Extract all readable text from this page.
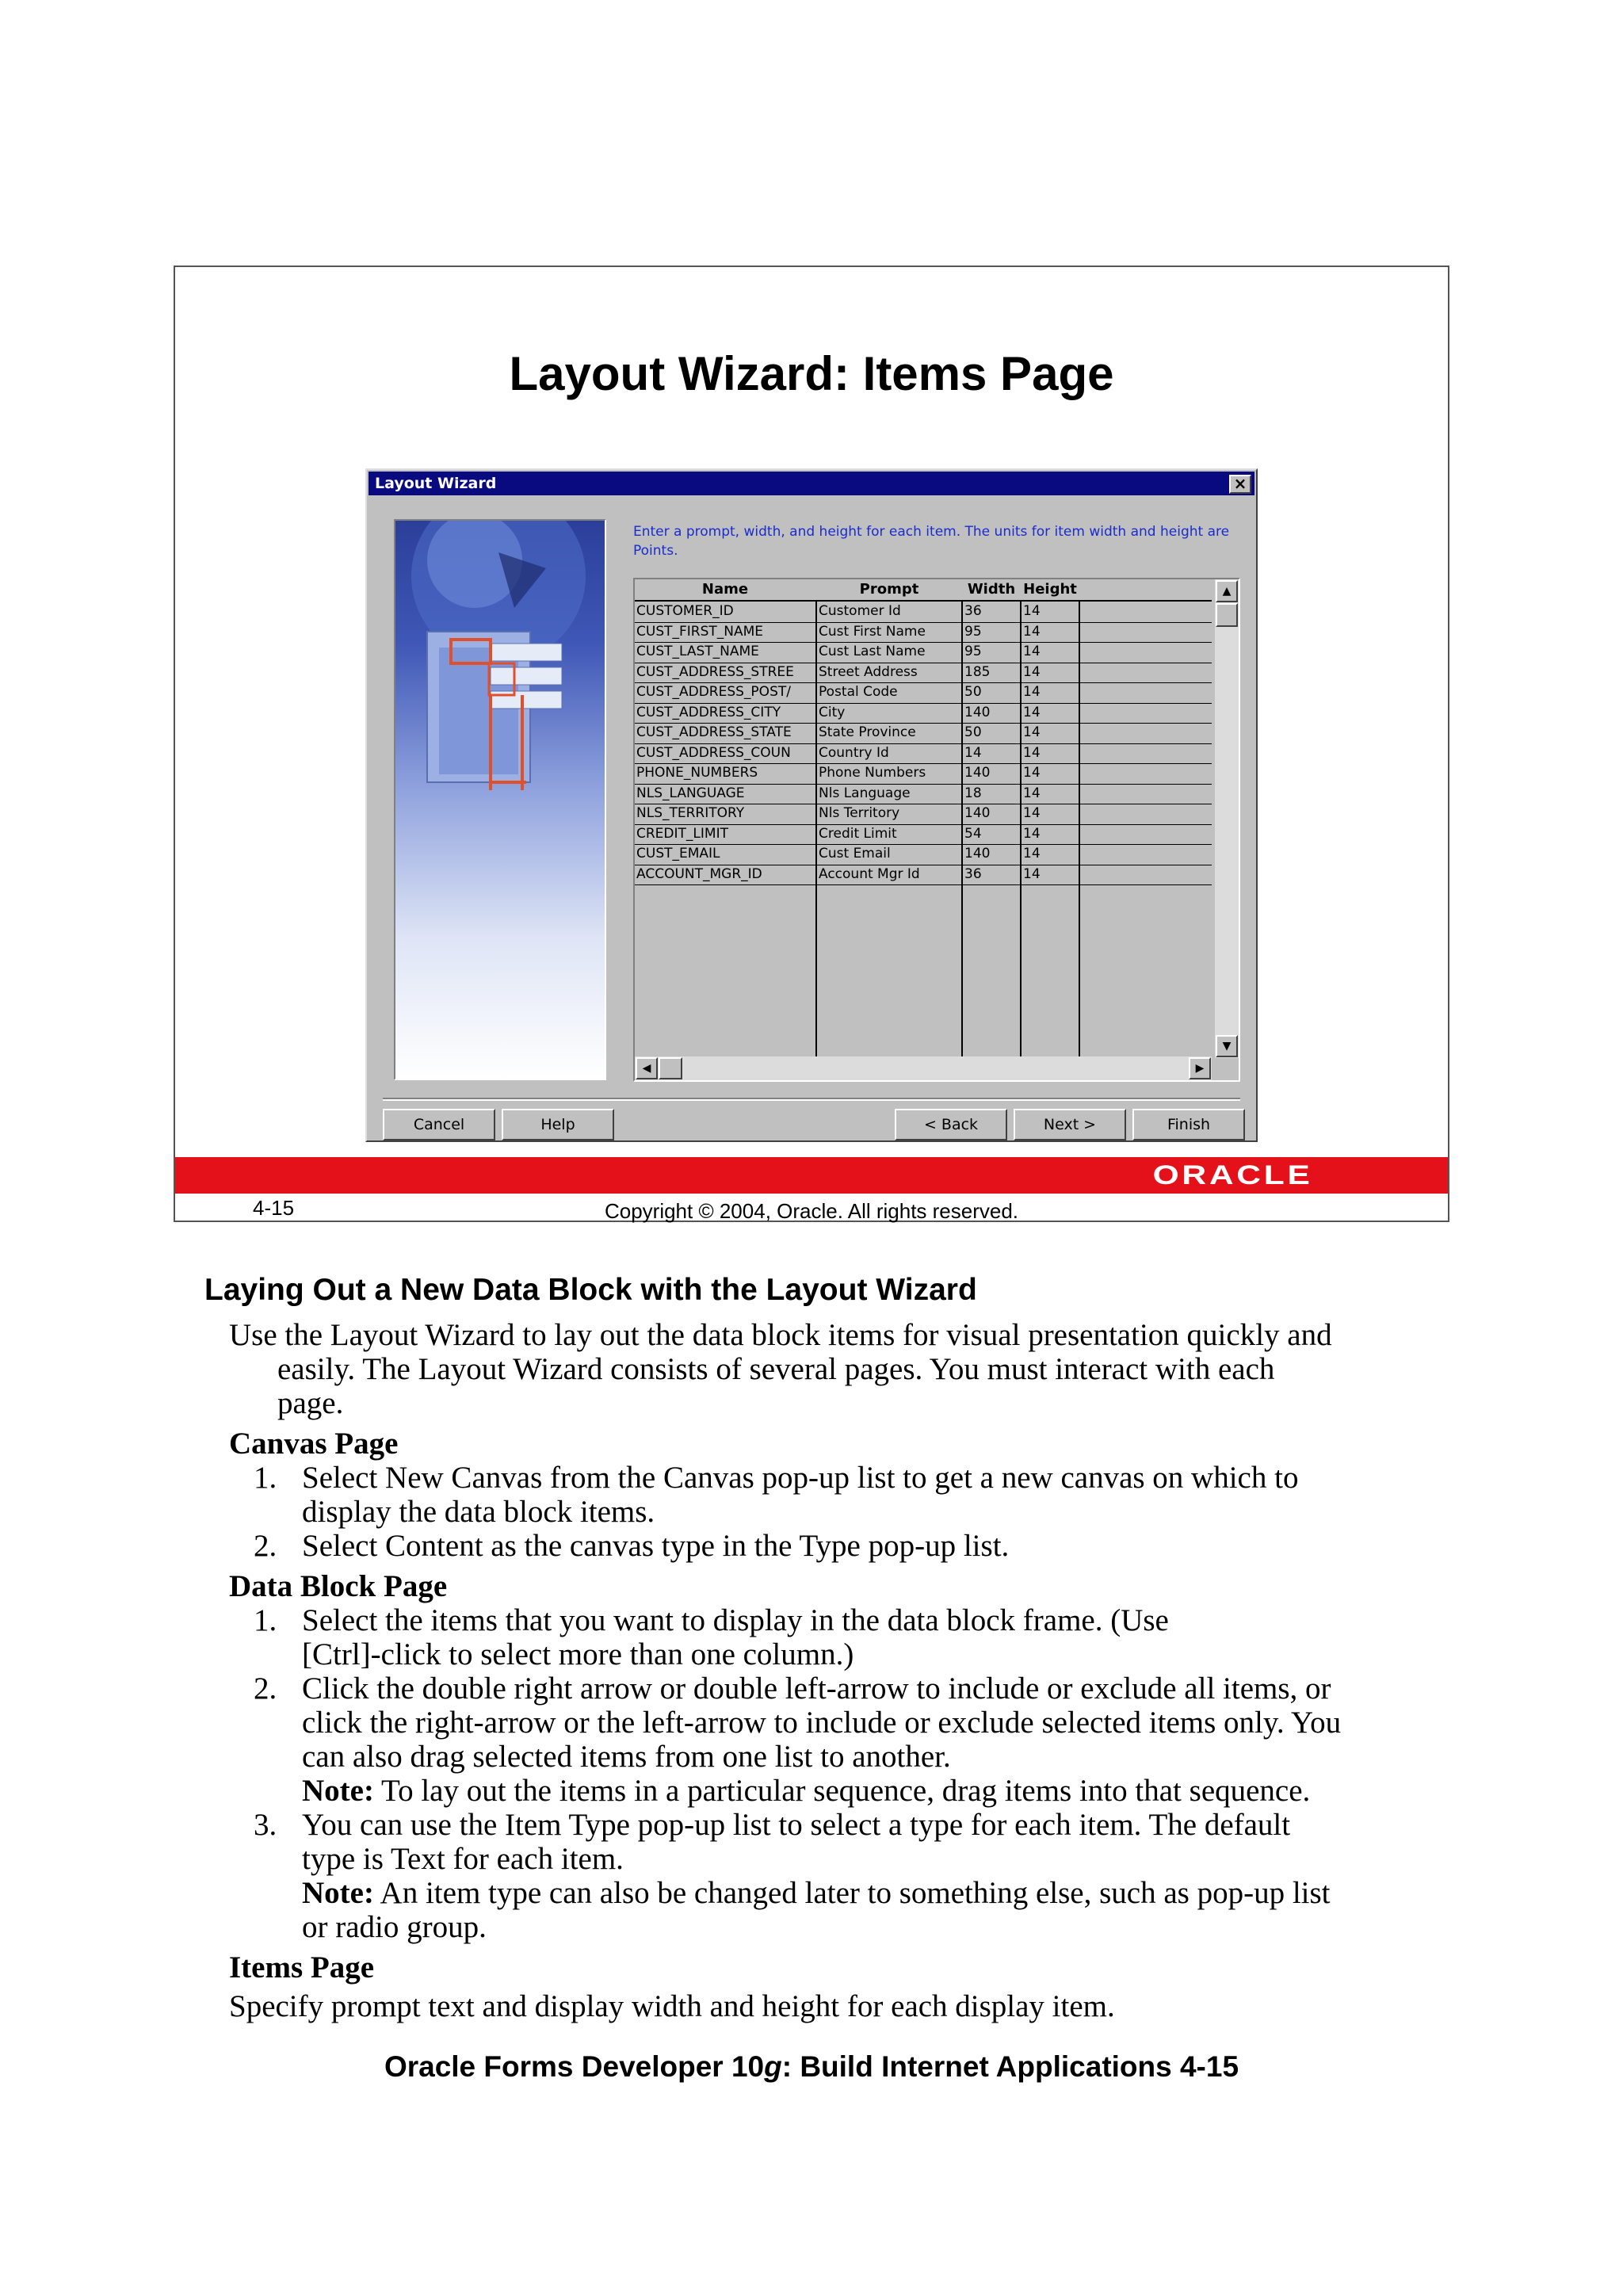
Layout Wizard: Items Page
Layout Wizard	×
Enter a prompt, width, and height for each item. The units for item width and height are Points.
Name	Prompt	Width Height
CUSTOMER_ID	Customer Id	36	14
CUST_FIRST_NAME	Cust First Name	95	14
CUST_LAST_NAME	Cust Last Name	95	14
CUST_ADDRESS_STREE	Street Address	185	14
CUST_ADDRESS_POST/	Postal Code	50	14
CUST_ADDRESS_CITY	City	140	14
CUST_ADDRESS_STATE	State Province	50	14
CUST_ADDRESS_COUN	Country Id	14	14
PHONE_NUMBERS	Phone Numbers	140	14
NLS_LANGUAGE	Nls Language	18	14
NLS_TERRITORY	Nls Territory	140	14
CREDIT_LIMIT	Credit Limit	54	14
CUST_EMAIL	Cust Email	140	14
ACCOUNT_MGR_ID	Account Mgr Id	36	14
▲
▼
◀	▶
Cancel	Help	< Back	Next >	Finish
ORACLE
4-15	Copyright © 2004, Oracle. All rights reserved.
Laying Out a New Data Block with the Layout Wizard
Use the Layout Wizard to lay out the data block items for visual presentation quickly and
easily. The Layout Wizard consists of several pages. You must interact with each
page.
Canvas Page
1. Select New Canvas from the Canvas pop-up list to get a new canvas on which to
display the data block items.
2. Select Content as the canvas type in the Type pop-up list.
Data Block Page
1. Select the items that you want to display in the data block frame. (Use
[Ctrl]-click to select more than one column.)
2. Click the double right arrow or double left-arrow to include or exclude all items, or
click the right-arrow or the left-arrow to include or exclude selected items only. You
can also drag selected items from one list to another.
Note: To lay out the items in a particular sequence, drag items into that sequence.
3. You can use the Item Type pop-up list to select a type for each item. The default
type is Text for each item.
Note: An item type can also be changed later to something else, such as pop-up list
or radio group.
Items Page
Specify prompt text and display width and height for each display item.
Oracle Forms Developer 10g: Build Internet Applications 4-15
